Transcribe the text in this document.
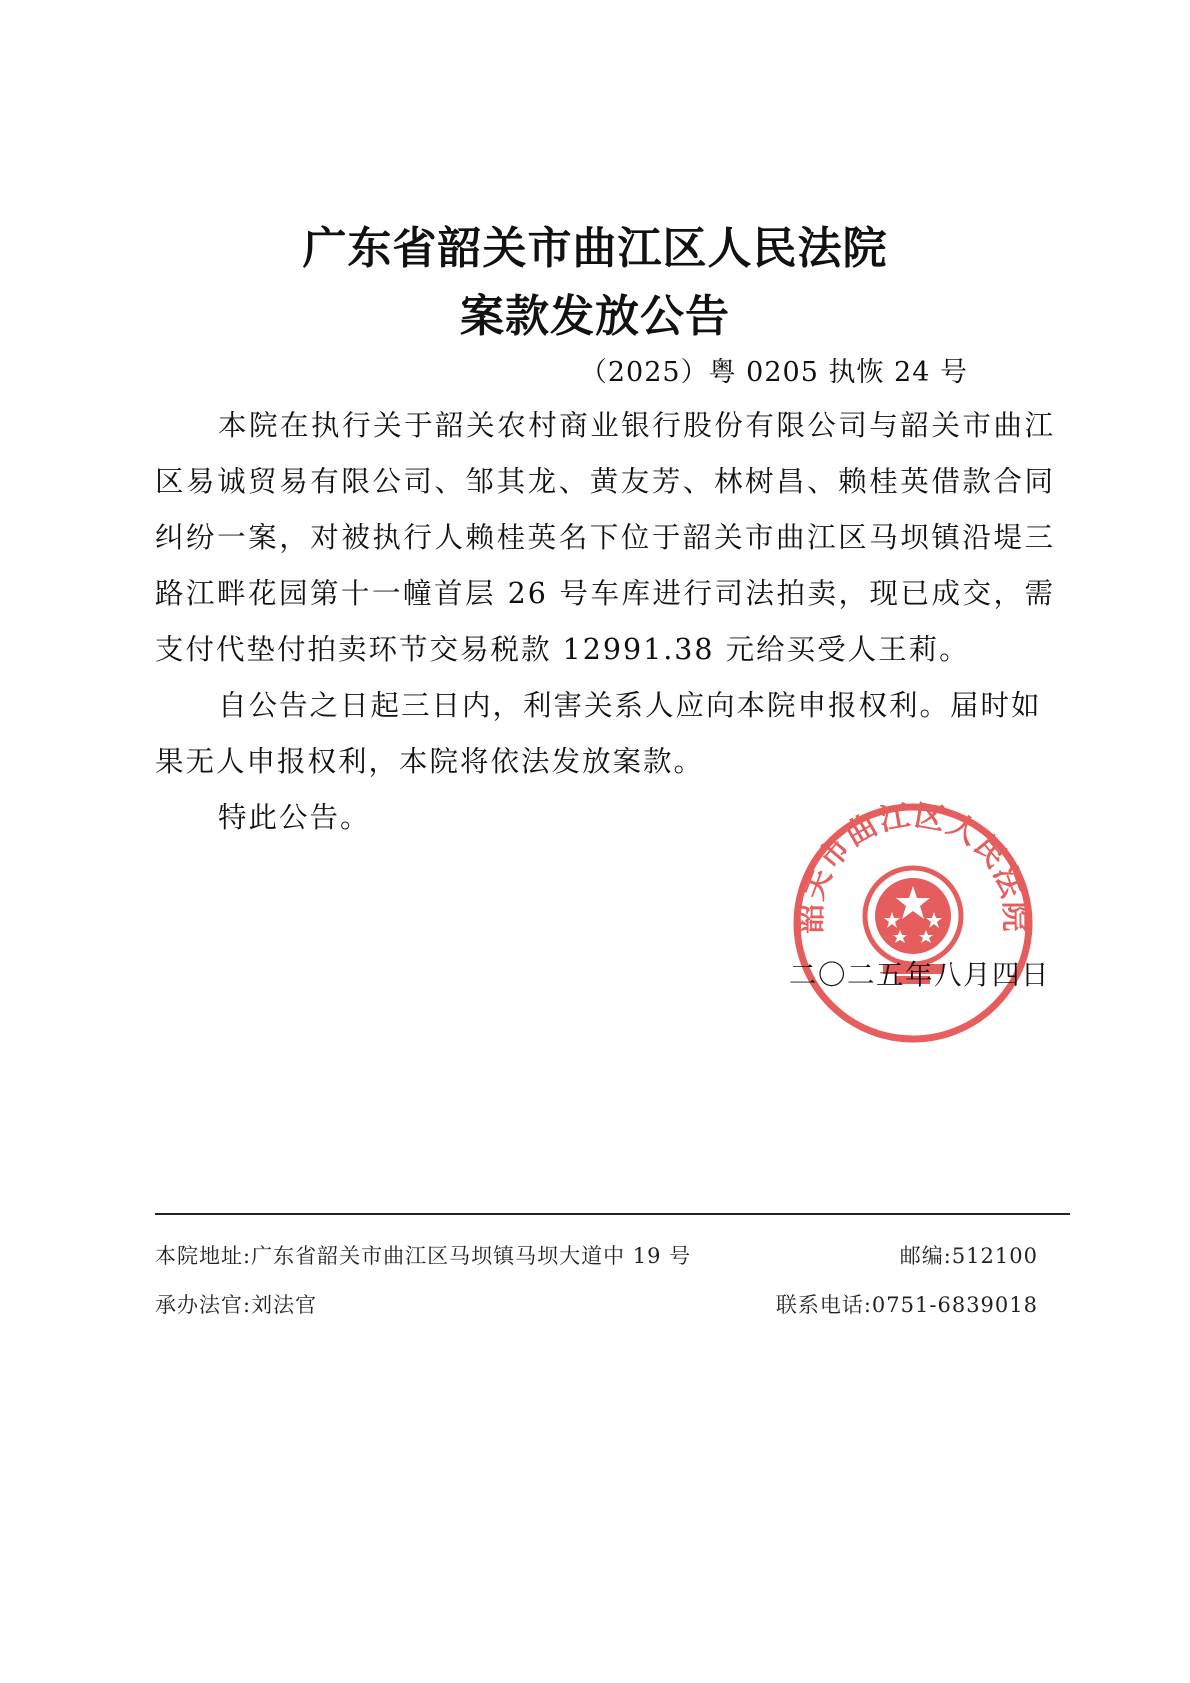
广东省韶关市曲江区人民法院
案款发放公告
（2025）粤 0205 执恢 24 号
本院在执行关于韶关农村商业银行股份有限公司与韶关市曲江区易诚贸易有限公司、邹其龙、黄友芳、林树昌、赖桂英借款合同纠纷一案，对被执行人赖桂英名下位于韶关市曲江区马坝镇沿堤三路江畔花园第十一幢首层 26 号车库进行司法拍卖，现已成交，需支付代垫付拍卖环节交易税款 12991.38 元给买受人王莉。
自公告之日起三日内，利害关系人应向本院申报权利。届时如果无人申报权利，本院将依法发放案款。
特此公告。
韶关市曲江区人民法院
二〇二五年八月四日
本院地址:广东省韶关市曲江区马坝镇马坝大道中 19 号	邮编:512100
承办法官:刘法官	联系电话:0751-6839018
